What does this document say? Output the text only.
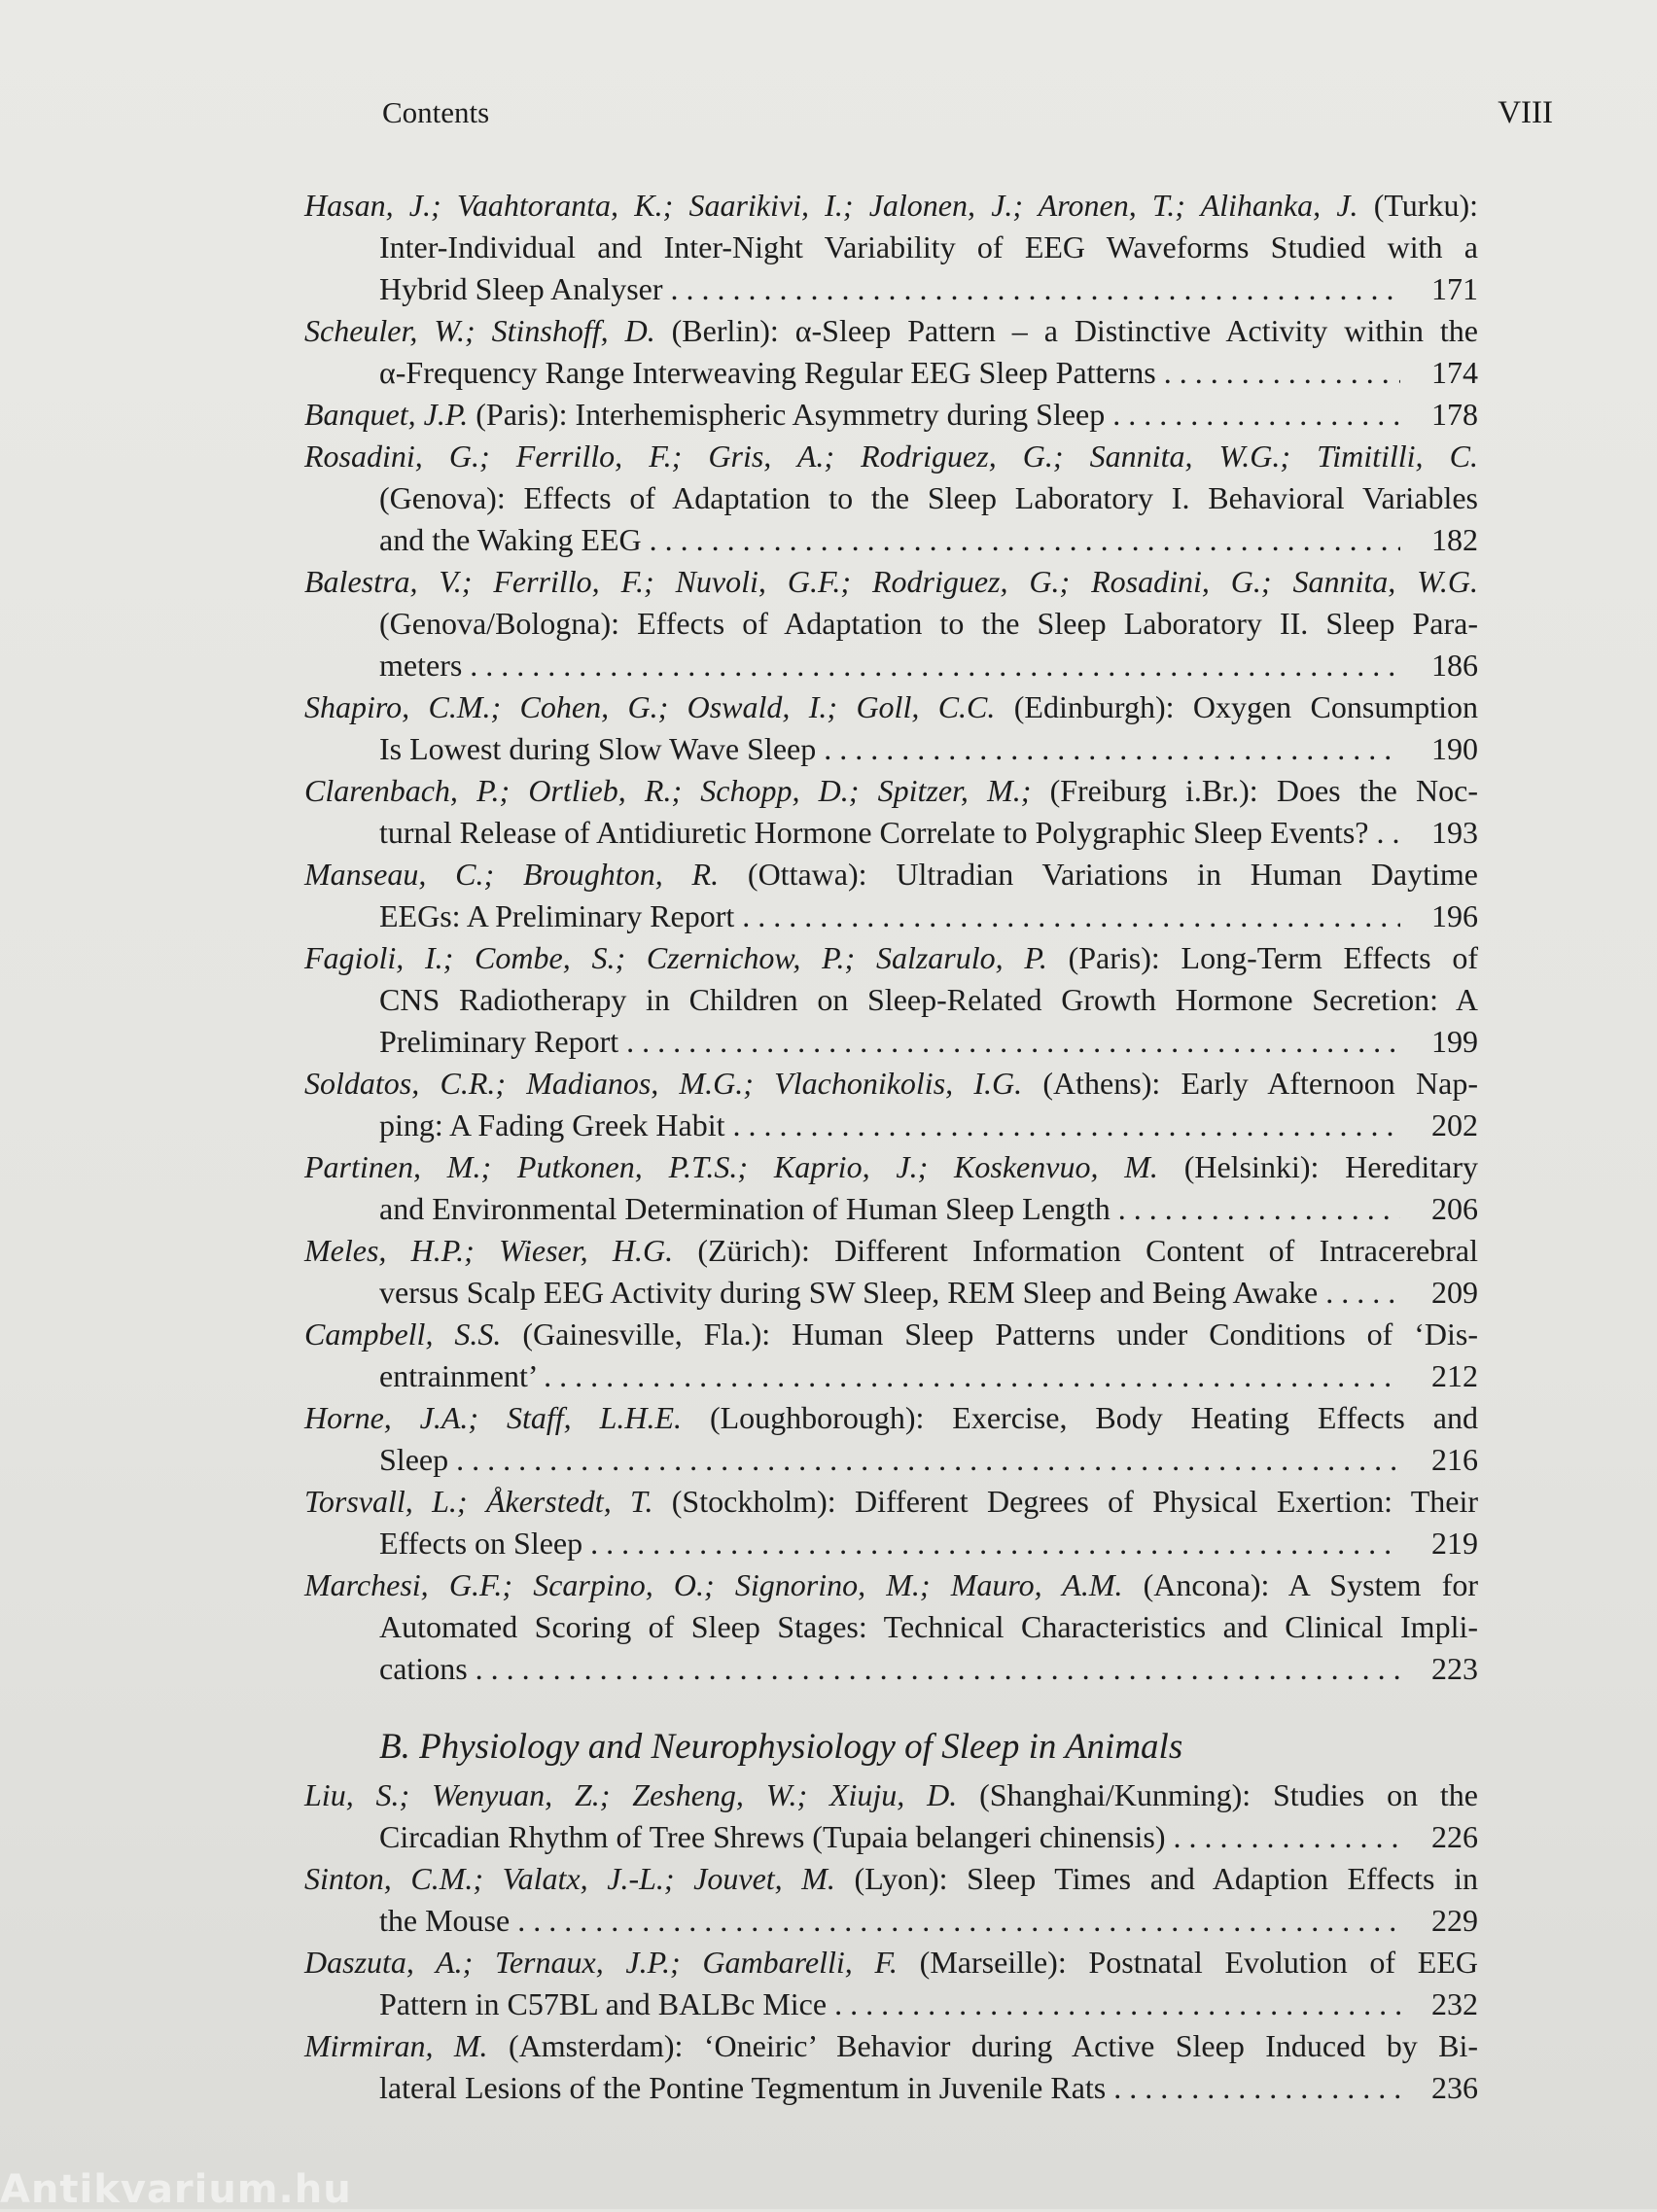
Contents	VIII
Hasan, J.; Vaahtoranta, K.; Saarikivi, I.; Jalonen, J.; Aronen, T.; Alihanka, J. (Turku):
Inter-Individual and Inter-Night Variability of EEG Waveforms Studied with a
Hybrid Sleep Analyser . . .	171
Scheuler, W.; Stinshoff, D. (Berlin): α-Sleep Pattern – a Distinctive Activity within the
α-Frequency Range Interweaving Regular EEG Sleep Patterns . . .	174
Banquet, J.P. (Paris): Interhemispheric Asymmetry during Sleep . . .	178
Rosadini, G.; Ferrillo, F.; Gris, A.; Rodriguez, G.; Sannita, W.G.; Timitilli, C.
(Genova): Effects of Adaptation to the Sleep Laboratory I. Behavioral Variables
and the Waking EEG . . .	182
Balestra, V.; Ferrillo, F.; Nuvoli, G.F.; Rodriguez, G.; Rosadini, G.; Sannita, W.G.
(Genova/Bologna): Effects of Adaptation to the Sleep Laboratory II. Sleep Para-
meters . . .	186
Shapiro, C.M.; Cohen, G.; Oswald, I.; Goll, C.C. (Edinburgh): Oxygen Consumption
Is Lowest during Slow Wave Sleep . . .	190
Clarenbach, P.; Ortlieb, R.; Schopp, D.; Spitzer, M.; (Freiburg i.Br.): Does the Noc-
turnal Release of Antidiuretic Hormone Correlate to Polygraphic Sleep Events? . . .	193
Manseau, C.; Broughton, R. (Ottawa): Ultradian Variations in Human Daytime
EEGs: A Preliminary Report . . .	196
Fagioli, I.; Combe, S.; Czernichow, P.; Salzarulo, P. (Paris): Long-Term Effects of
CNS Radiotherapy in Children on Sleep-Related Growth Hormone Secretion: A
Preliminary Report . . .	199
Soldatos, C.R.; Madianos, M.G.; Vlachonikolis, I.G. (Athens): Early Afternoon Nap-
ping: A Fading Greek Habit . . .	202
Partinen, M.; Putkonen, P.T.S.; Kaprio, J.; Koskenvuo, M. (Helsinki): Hereditary
and Environmental Determination of Human Sleep Length . . .	206
Meles, H.P.; Wieser, H.G. (Zürich): Different Information Content of Intracerebral
versus Scalp EEG Activity during SW Sleep, REM Sleep and Being Awake . . .	209
Campbell, S.S. (Gainesville, Fla.): Human Sleep Patterns under Conditions of ‘Dis-
entrainment’ . . .	212
Horne, J.A.; Staff, L.H.E. (Loughborough): Exercise, Body Heating Effects and
Sleep . . .	216
Torsvall, L.; Åkerstedt, T. (Stockholm): Different Degrees of Physical Exertion: Their
Effects on Sleep . . .	219
Marchesi, G.F.; Scarpino, O.; Signorino, M.; Mauro, A.M. (Ancona): A System for
Automated Scoring of Sleep Stages: Technical Characteristics and Clinical Impli-
cations . . .	223
B. Physiology and Neurophysiology of Sleep in Animals
Liu, S.; Wenyuan, Z.; Zesheng, W.; Xiuju, D. (Shanghai/Kunming): Studies on the
Circadian Rhythm of Tree Shrews (Tupaia belangeri chinensis) . . .	226
Sinton, C.M.; Valatx, J.-L.; Jouvet, M. (Lyon): Sleep Times and Adaption Effects in
the Mouse . . .	229
Daszuta, A.; Ternaux, J.P.; Gambarelli, F. (Marseille): Postnatal Evolution of EEG
Pattern in C57BL and BALBc Mice . . .	232
Mirmiran, M. (Amsterdam): ‘Oneiric’ Behavior during Active Sleep Induced by Bi-
lateral Lesions of the Pontine Tegmentum in Juvenile Rats . . .	236
Antikvarium.hu
